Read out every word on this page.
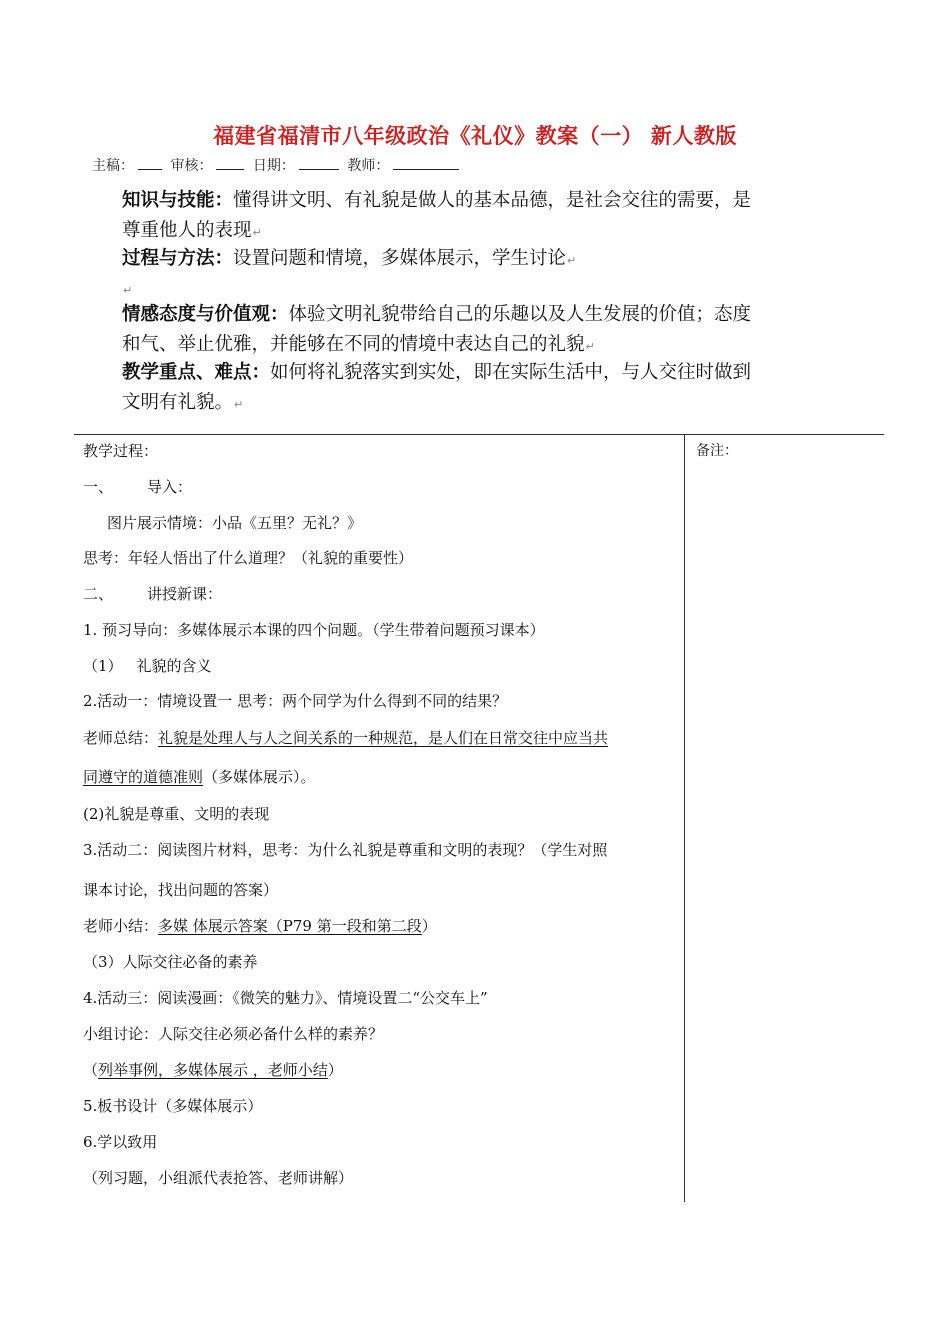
福建省福清市八年级政治《礼仪》教案（一） 新人教版
主稿：	审核：	日期：	教师：
知识与技能：懂得讲文明、有礼貌是做人的基本品德，是社会交往的需要，是
尊重他人的表现↵
过程与方法：设置问题和情境，多媒体展示，学生讨论↵
↵
情感态度与价值观：体验文明礼貌带给自己的乐趣以及人生发展的价值；态度
和气、举止优雅，并能够在不同的情境中表达自己的礼貌↵
教学重点、难点：如何将礼貌落实到实处，即在实际生活中，与人交往时做到
文明有礼貌。↵
教学过程：
一、 导入：
图片展示情境：小品《五里？无礼？》
思考：年轻人悟出了什么道理？（礼貌的重要性）
二、 讲授新课：
1. 预习导向：多媒体展示本课的四个问题。（学生带着问题预习课本）
（1） 礼貌的含义
2.活动一：情境设置一 思考：两个同学为什么得到不同的结果？
老师总结：礼貌是处理人与人之间关系的一种规范，是人们在日常交往中应当共
同遵守的道德准则（多媒体展示）。
(2)礼貌是尊重、文明的表现
3.活动二：阅读图片材料，思考：为什么礼貌是尊重和文明的表现？（学生对照
课本讨论，找出问题的答案）
老师小结：多媒 体展示答案（P79 第一段和第二段）
（3）人际交往必备的素养
4.活动三：阅读漫画：《微笑的魅力》、情境设置二“公交车上”
小组讨论：人际交往必须必备什么样的素养？
（列举事例，多媒体展示 ，老师小结）
5.板书设计（多媒体展示）
6.学以致用
（列习题，小组派代表抢答、老师讲解）
备注：
